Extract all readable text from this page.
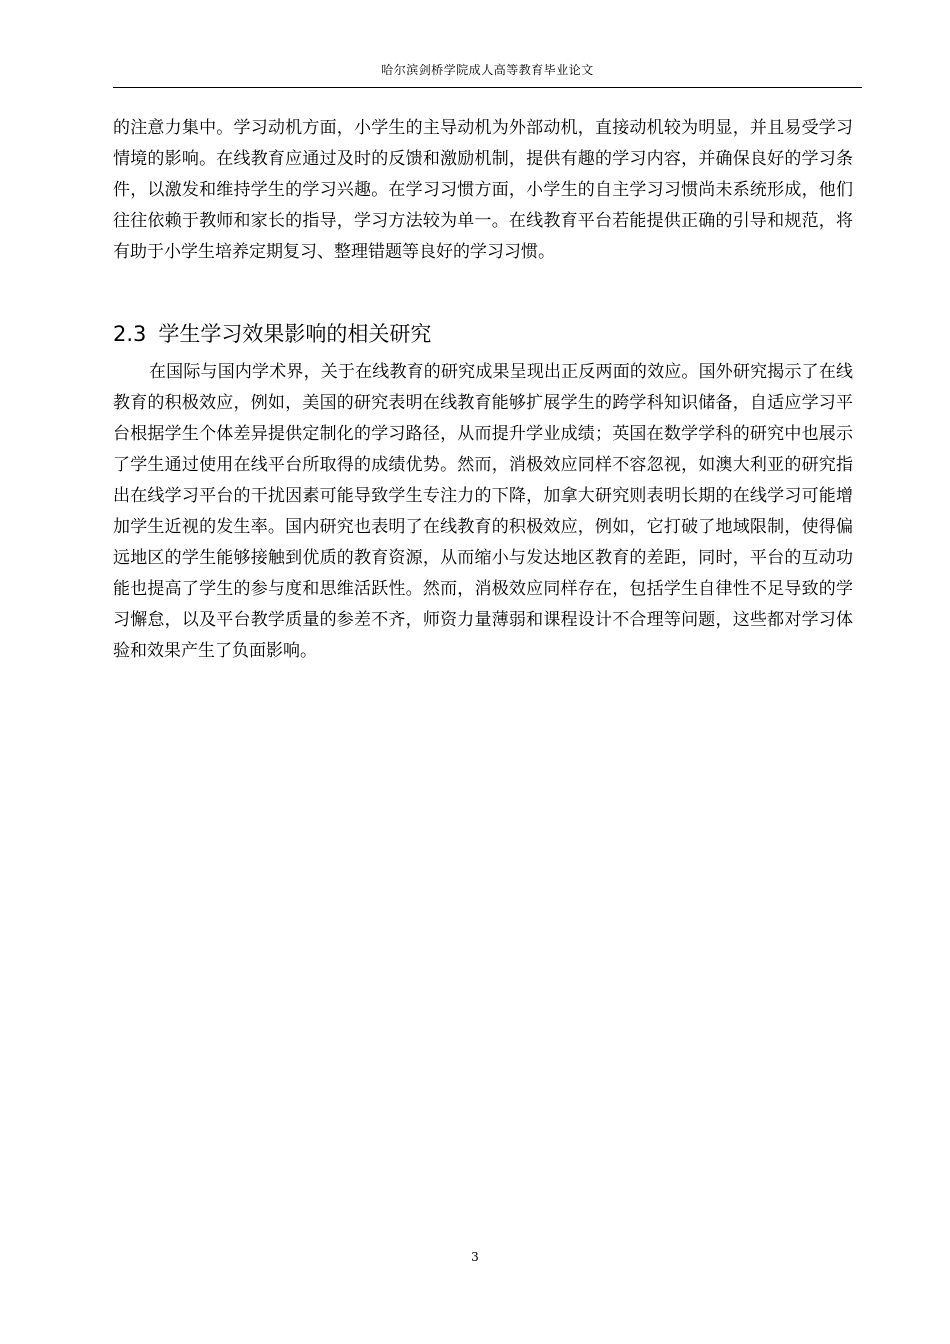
哈尔滨剑桥学院成人高等教育毕业论文

的注意力集中。学习动机方面，小学生的主导动机为外部动机，直接动机较为明显，并且易受学习情境的影响。在线教育应通过及时的反馈和激励机制，提供有趣的学习内容，并确保良好的学习条件，以激发和维持学生的学习兴趣。在学习习惯方面，小学生的自主学习习惯尚未系统形成，他们往往依赖于教师和家长的指导，学习方法较为单一。在线教育平台若能提供正确的引导和规范，将有助于小学生培养定期复习、整理错题等良好的学习习惯。

2.3 学生学习效果影响的相关研究

在国际与国内学术界，关于在线教育的研究成果呈现出正反两面的效应。国外研究揭示了在线教育的积极效应，例如，美国的研究表明在线教育能够扩展学生的跨学科知识储备，自适应学习平台根据学生个体差异提供定制化的学习路径，从而提升学业成绩；英国在数学学科的研究中也展示了学生通过使用在线平台所取得的成绩优势。然而，消极效应同样不容忽视，如澳大利亚的研究指出在线学习平台的干扰因素可能导致学生专注力的下降，加拿大研究则表明长期的在线学习可能增加学生近视的发生率。国内研究也表明了在线教育的积极效应，例如，它打破了地域限制，使得偏远地区的学生能够接触到优质的教育资源，从而缩小与发达地区教育的差距，同时，平台的互动功能也提高了学生的参与度和思维活跃性。然而，消极效应同样存在，包括学生自律性不足导致的学习懈怠，以及平台教学质量的参差不齐，师资力量薄弱和课程设计不合理等问题，这些都对学习体验和效果产生了负面影响。

3
